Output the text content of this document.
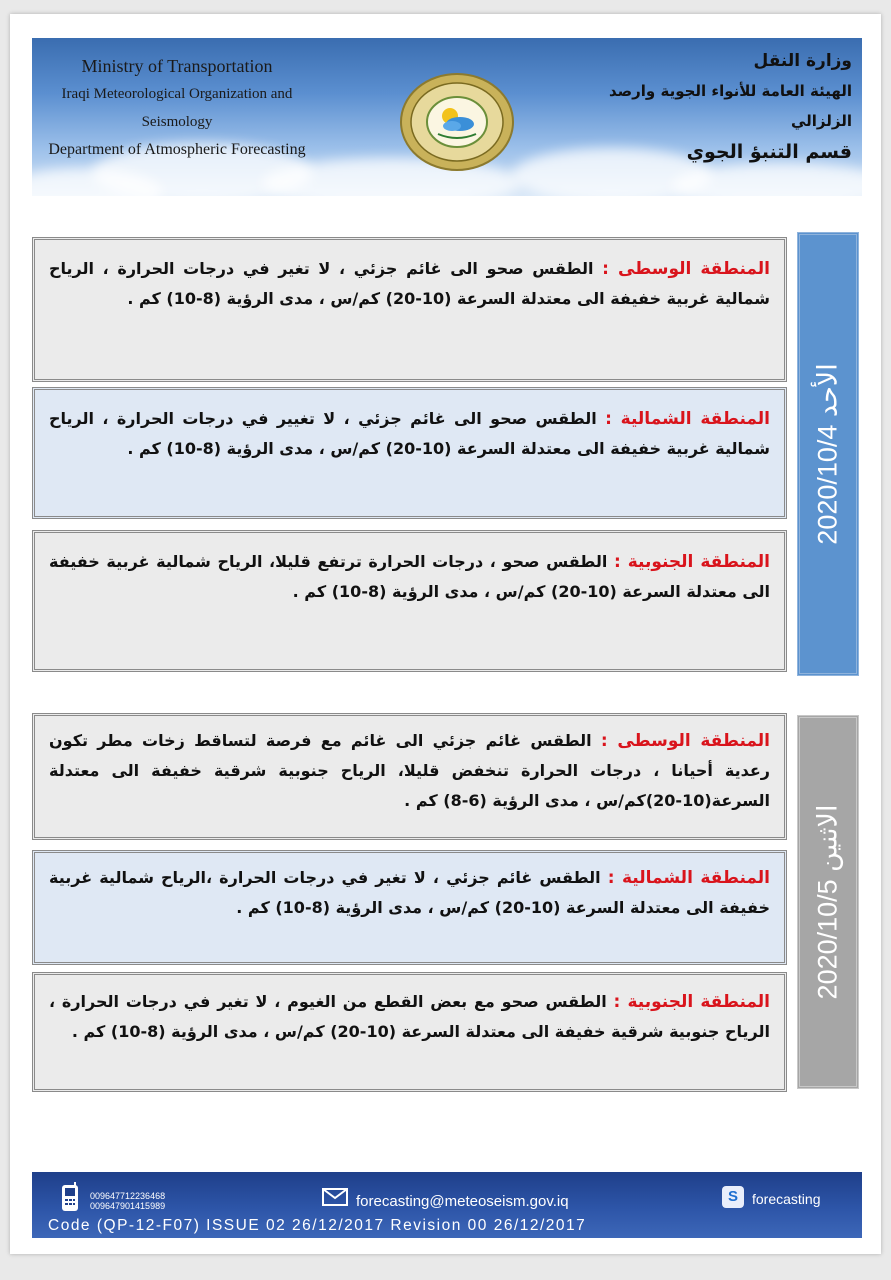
Ministry of Transportation
Iraqi Meteorological Organization and Seismology
Department of Atmospheric Forecasting
وزارة النقل
الهيئة العامة للأنواء الجوية وارصد الزلزالي
قسم التنبؤ الجوي
المنطقة الوسطى : الطقس صحو الى غائم جزئي ، لا تغير في درجات الحرارة ، الرياح شمالية غربية خفيفة الى معتدلة السرعة (10-20) كم/س ، مدى الرؤية (8-10) كم .
المنطقة الشمالية : الطقس صحو الى غائم جزئي ، لا تغيير في درجات الحرارة ، الرياح شمالية غربية خفيفة الى معتدلة السرعة (10-20) كم/س ، مدى الرؤية (8-10) كم .
المنطقة الجنوبية : الطقس صحو ، درجات الحرارة ترتفع قليلا، الرياح شمالية غربية خفيفة الى معتدلة السرعة (10-20) كم/س ، مدى الرؤية (8-10) كم .
الأحد 2020/10/4
المنطقة الوسطى : الطقس غائم جزئي الى غائم مع فرصة لتساقط زخات مطر تكون رعدية أحيانا ، درجات الحرارة تنخفض قليلا، الرياح جنوبية شرقية خفيفة الى معتدلة السرعة(10-20)كم/س ، مدى الرؤية (6-8) كم .
المنطقة الشمالية : الطقس غائم جزئي ، لا تغير في درجات الحرارة ،الرياح شمالية غربية خفيفة الى معتدلة السرعة (10-20) كم/س ، مدى الرؤية (8-10) كم .
المنطقة الجنوبية : الطقس صحو مع بعض القطع من الغيوم ، لا تغير في درجات الحرارة ، الرياح جنوبية شرقية خفيفة الى معتدلة السرعة (10-20) كم/س ، مدى الرؤية (8-10) كم .
الاثنين 2020/10/5
009647712236468
009647901415989	forecasting@meteoseism.gov.iq	S	forecasting
Code (QP-12-F07) ISSUE 02 26/12/2017 Revision 00 26/12/2017
